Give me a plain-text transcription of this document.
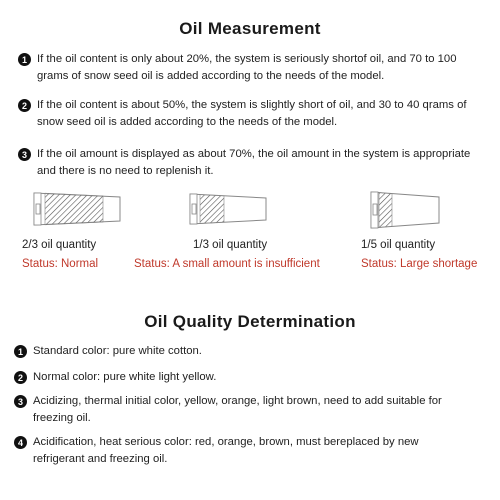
Oil Measurement
1 If the oil content is only about 20%, the system is seriously shortof oil, and 70 to 100 grams of snow seed oil is added according to the needs of the model.
2 If the oil content is about 50%, the system is slightly short of oil, and 30 to 40 qrams of snow seed oil is added according to the needs of the model.
3 If the oil amount is displayed as about 70%, the oil amount in the system is appropriate and there is no need to replenish it.
2/3 oil quantity
Status: Normal
1/3 oil quantity
Status: A small amount is insufficient
1/5 oil quantity
Status: Large shortage
Oil Quality Determination
1 Standard color: pure white cotton.
2 Normal color: pure white light yellow.
3 Acidizing, thermal initial color, yellow, orange, light brown, need to add suitable for freezing oil.
4 Acidification, heat serious color: red, orange, brown, must bereplaced by new refrigerant and freezing oil.
